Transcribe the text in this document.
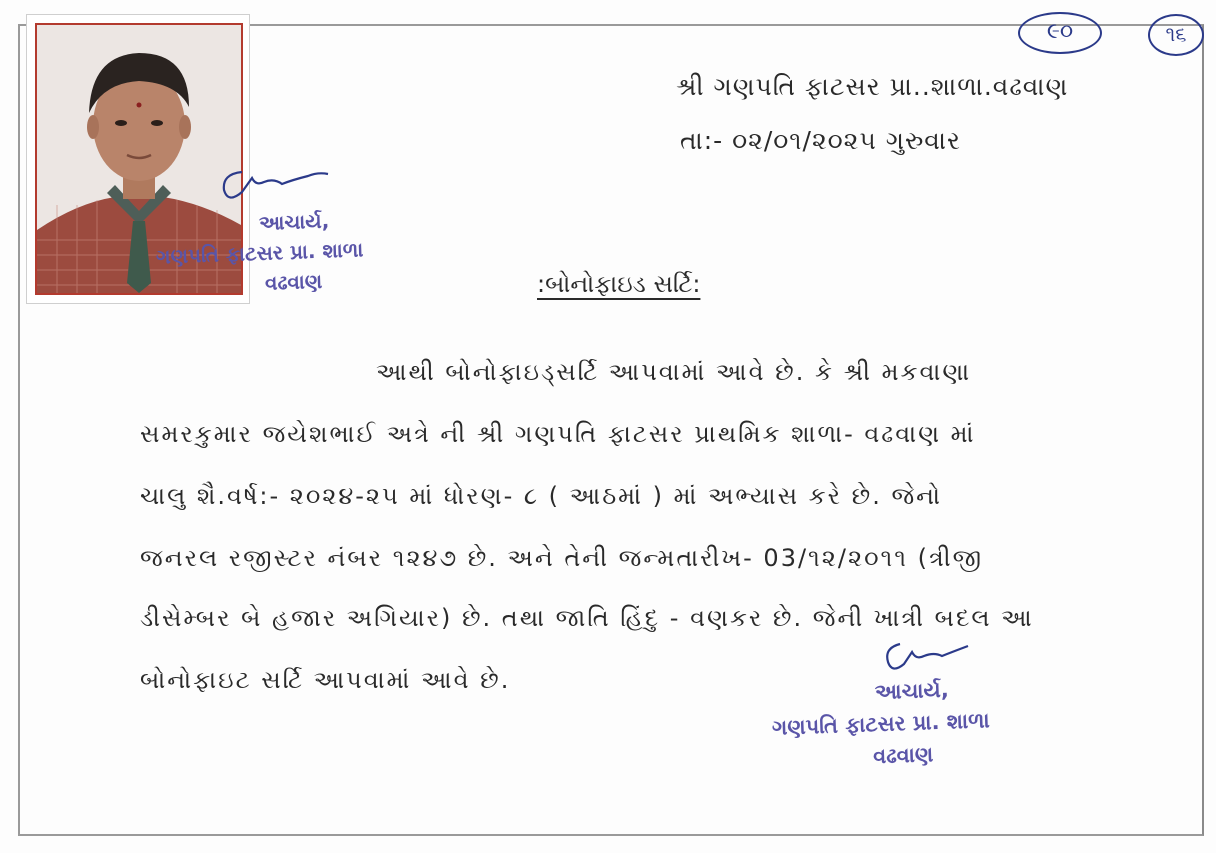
૯૦	૧૬
શ્રી ગણપતિ ફાટસર પ્રા..શાળા.વઢવાણ
તા:- ૦૨/૦૧/૨૦૨૫ ગુરુવાર
આચાર્ય,
ગણપતિ ફાટસર પ્રા. શાળા
વઢવાણ	:બોનોફાઇડ સર્ટિ:
આથી બોનોફાઇડ્સર્ટિ આપવામાં આવે છે. કે શ્રી મકવાણા
સમરકુમાર જયેશભાઈ અત્રે ની શ્રી ગણપતિ ફાટસર પ્રાથમિક શાળા- વઢવાણ માં
ચાલુ શૈ.વર્ષ:- ૨૦૨૪-૨૫ માં ધોરણ- ૮ ( આઠમાં ) માં અભ્યાસ કરે છે. જેનો
જનરલ રજીસ્ટર નંબર ૧૨૪૭ છે. અને તેની જન્મતારીખ- 03/૧૨/૨૦૧૧ (ત્રીજી
ડીસેમ્બર બે હજાર અગિયાર) છે. તથા જાતિ હિંદુ - વણકર છે. જેની ખાત્રી બદલ આ
બોનોફાઇટ સર્ટિ આપવામાં આવે છે.	આચાર્ય,
ગણપતિ ફાટસર પ્રા. શાળા
વઢવાણ
